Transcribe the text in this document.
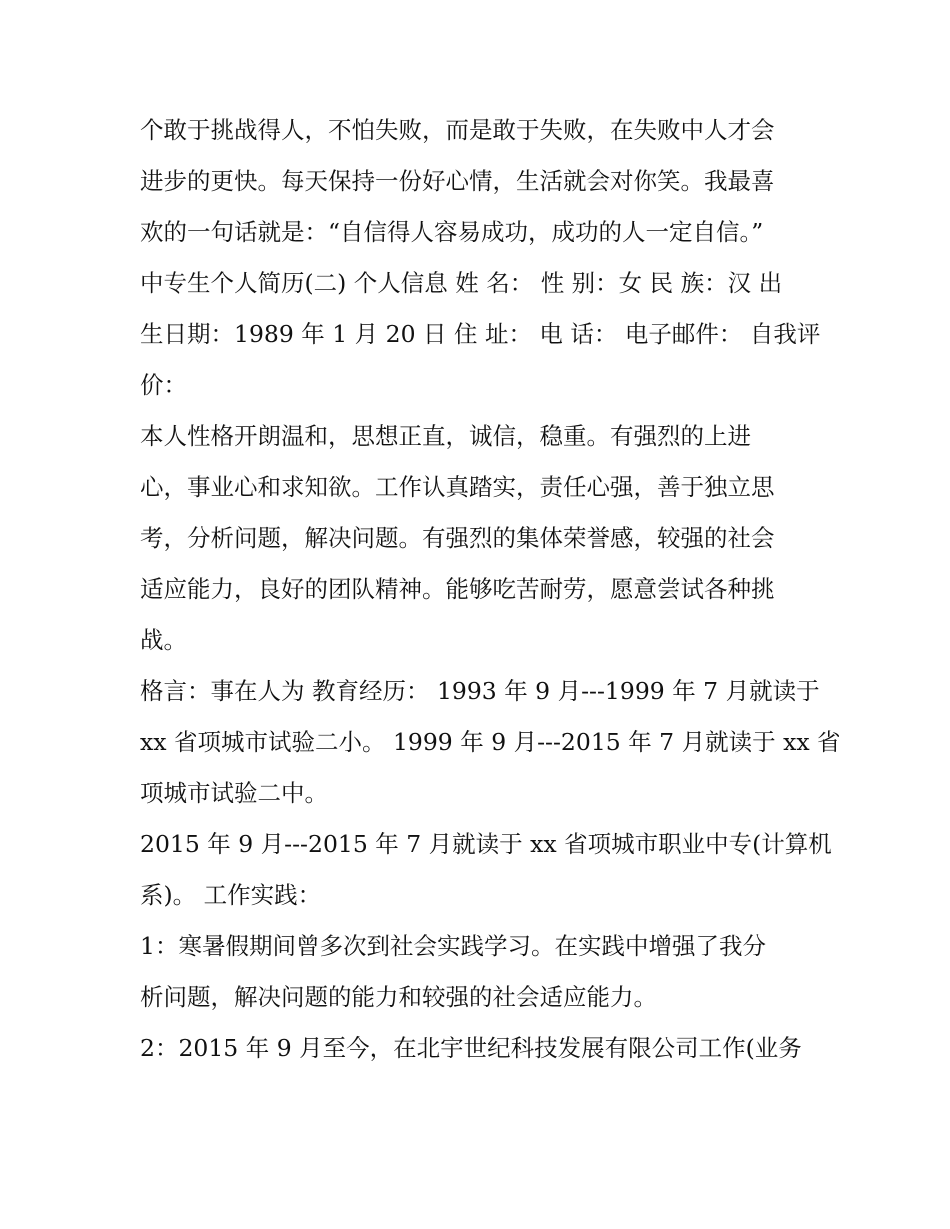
个敢于挑战得人，不怕失败，而是敢于失败，在失败中人才会
进步的更快。每天保持一份好心情，生活就会对你笑。我最喜
欢的一句话就是：“自信得人容易成功，成功的人一定自信。”
中专生个人简历(二) 个人信息 姓 名： 性 别：女 民 族：汉 出
生日期：1989 年 1 月 20 日 住 址： 电 话： 电子邮件： 自我评
价：
本人性格开朗温和，思想正直，诚信，稳重。有强烈的上进
心，事业心和求知欲。工作认真踏实，责任心强，善于独立思
考，分析问题，解决问题。有强烈的集体荣誉感，较强的社会
适应能力，良好的团队精神。能够吃苦耐劳，愿意尝试各种挑
战。
格言：事在人为 教育经历： 1993 年 9 月---1999 年 7 月就读于
xx 省项城市试验二小。 1999 年 9 月---2015 年 7 月就读于 xx 省
项城市试验二中。
2015 年 9 月---2015 年 7 月就读于 xx 省项城市职业中专(计算机
系)。 工作实践：
1：寒暑假期间曾多次到社会实践学习。在实践中增强了我分
析问题，解决问题的能力和较强的社会适应能力。
2：2015 年 9 月至今，在北宇世纪科技发展有限公司工作(业务
